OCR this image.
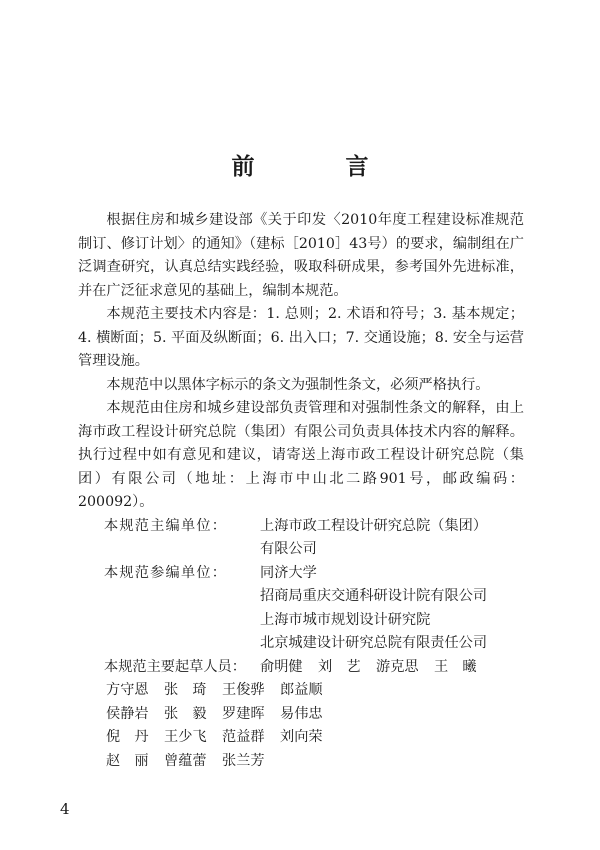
前　言

根据住房和城乡建设部《关于印发〈2010年度工程建设标准规范制订、修订计划〉的通知》（建标［2010］43号）的要求，编制组在广泛调查研究，认真总结实践经验，吸取科研成果，参考国外先进标准，并在广泛征求意见的基础上，编制本规范。

本规范主要技术内容是：1. 总则；2. 术语和符号；3. 基本规定；4. 横断面；5. 平面及纵断面；6. 出入口；7. 交通设施；8. 安全与运营管理设施。

本规范中以黑体字标示的条文为强制性条文，必须严格执行。

本规范由住房和城乡建设部负责管理和对强制性条文的解释，由上海市政工程设计研究总院（集团）有限公司负责具体技术内容的解释。执行过程中如有意见和建议，请寄送上海市政工程设计研究总院（集团）有限公司（地址：上海市中山北二路901号，邮政编码：200092）。

本规范主编单位： 上海市政工程设计研究总院（集团）
有限公司
本规范参编单位： 同济大学
招商局重庆交通科研设计院有限公司
上海市城市规划设计研究院
北京城建设计研究总院有限责任公司
本规范主要起草人员： 俞明健 刘　艺 游克思 王　曦
方守恩 张　琦 王俊骅 郎益顺
侯静岩 张　毅 罗建晖 易伟忠
倪　丹 王少飞 范益群 刘向荣
赵　丽 曾蕴蕾 张兰芳
4
